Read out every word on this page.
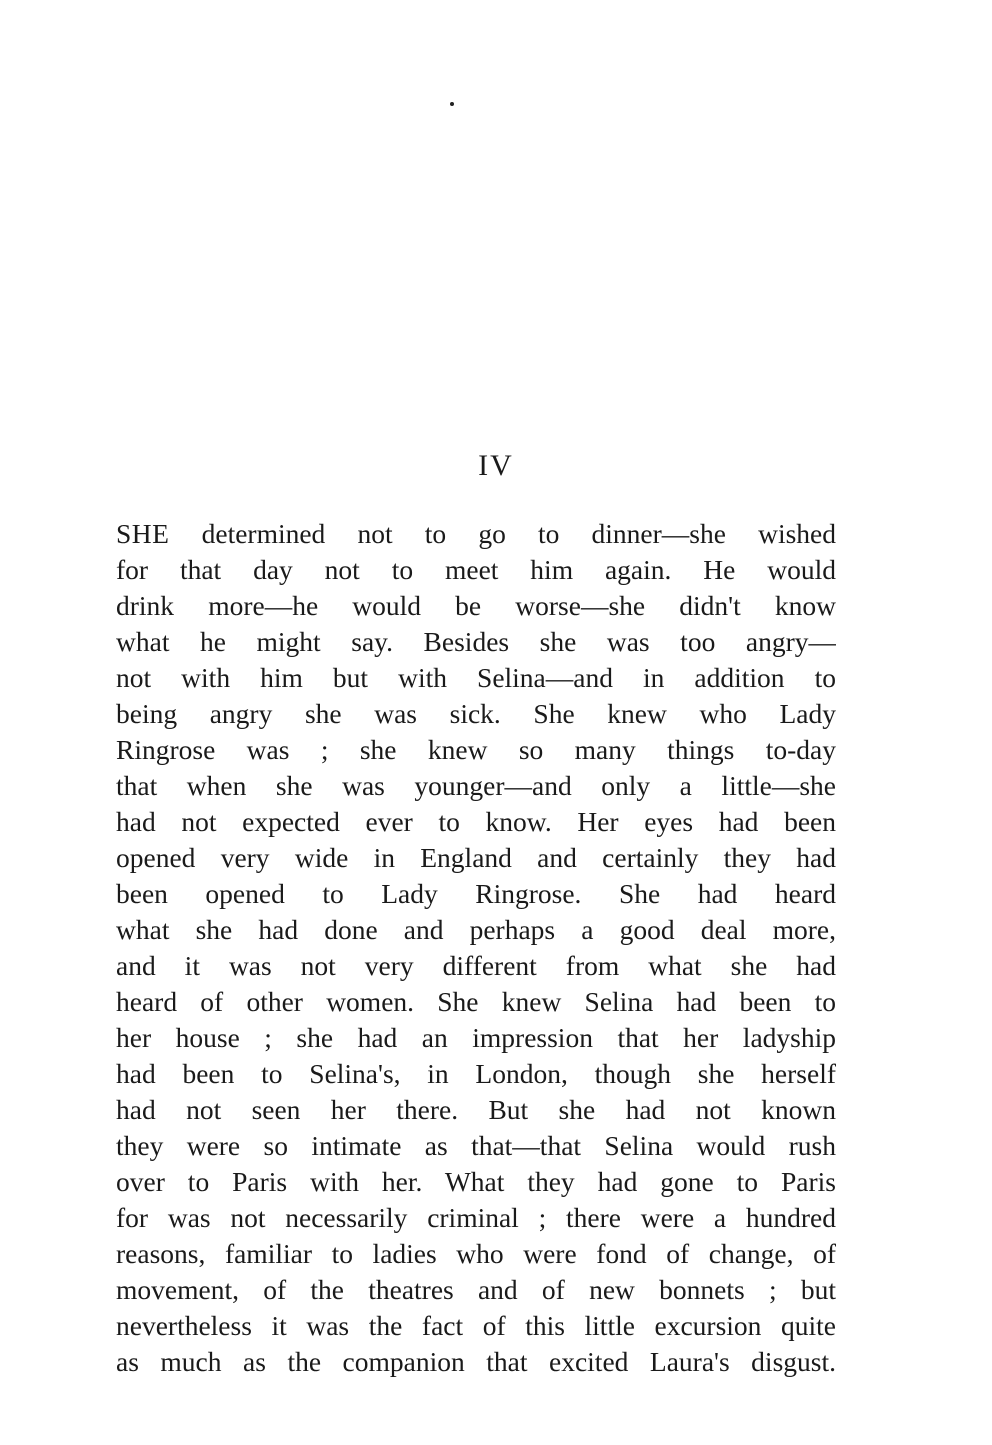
IV
SHE determined not to go to dinner—she wished
for that day not to meet him again. He would
drink more—he would be worse—she didn't know
what he might say. Besides she was too angry—
not with him but with Selina—and in addition to
being angry she was sick. She knew who Lady
Ringrose was ; she knew so many things to-day
that when she was younger—and only a little—she
had not expected ever to know. Her eyes had been
opened very wide in England and certainly they had
been opened to Lady Ringrose. She had heard
what she had done and perhaps a good deal more,
and it was not very different from what she had
heard of other women. She knew Selina had been to
her house ; she had an impression that her ladyship
had been to Selina's, in London, though she herself
had not seen her there. But she had not known
they were so intimate as that—that Selina would rush
over to Paris with her. What they had gone to Paris
for was not necessarily criminal ; there were a hundred
reasons, familiar to ladies who were fond of change, of
movement, of the theatres and of new bonnets ; but
nevertheless it was the fact of this little excursion quite
as much as the companion that excited Laura's disgust.
